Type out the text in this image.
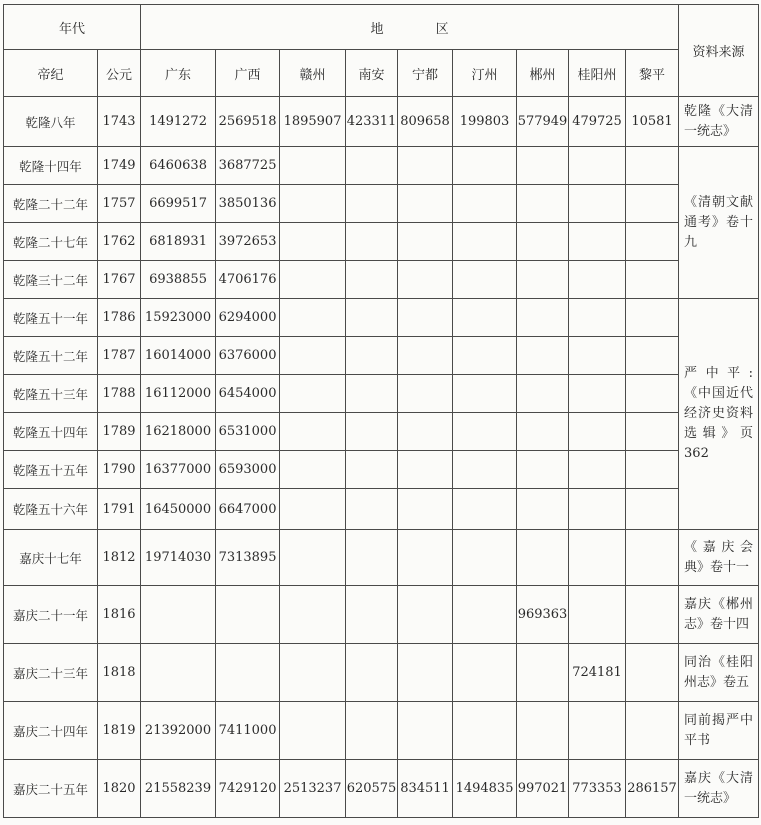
年代		地 区									资料来源
帝纪	公元	广东	广西	赣州	南安	宁都	汀州	郴州	桂阳州	黎平	
乾隆八年	1743	1491272	2569518	1895907	423311	809658	199803	577949	479725	10581	乾隆《大清一统志》
乾隆十四年	1749	6460638	3687725								《清朝文献通考》卷十九
乾隆二十二年	1757	6699517	3850136								
乾隆二十七年	1762	6818931	3972653								
乾隆三十二年	1767	6938855	4706176								
乾隆五十一年	1786	15923000	6294000								严中平:《中国近代经济史资料选辑》页362
乾隆五十二年	1787	16014000	6376000								
乾隆五十三年	1788	16112000	6454000								
乾隆五十四年	1789	16218000	6531000								
乾隆五十五年	1790	16377000	6593000								
乾隆五十六年	1791	16450000	6647000								
嘉庆十七年	1812	19714030	7313895								《嘉庆会典》卷十一
嘉庆二十一年	1816							969363			嘉庆《郴州志》卷十四
嘉庆二十三年	1818								724181		同治《桂阳州志》卷五
嘉庆二十四年	1819	21392000	7411000								同前揭严中平书
嘉庆二十五年	1820	21558239	7429120	2513237	620575	834511	1494835	997021	773353	286157	嘉庆《大清一统志》
